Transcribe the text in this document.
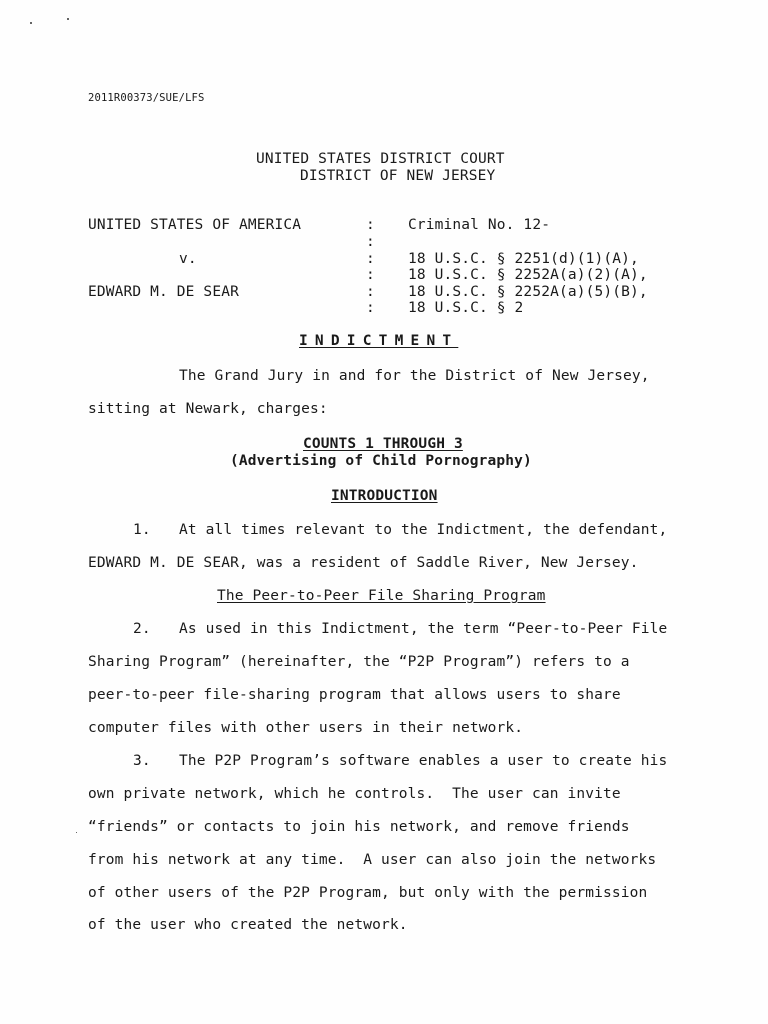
2011R00373/SUE/LFS
UNITED STATES DISTRICT COURT
DISTRICT OF NEW JERSEY
UNITED STATES OF AMERICA
v.
EDWARD M. DE SEAR
:
:
:
:
:
:
Criminal No. 12-
18 U.S.C. § 2251(d)(1)(A),
18 U.S.C. § 2252A(a)(2)(A),
18 U.S.C. § 2252A(a)(5)(B),
18 U.S.C. § 2
INDICTMENT
The Grand Jury in and for the District of New Jersey,
sitting at Newark, charges:
COUNTS 1 THROUGH 3
(Advertising of Child Pornography)
INTRODUCTION
1. At all times relevant to the Indictment, the defendant,
EDWARD M. DE SEAR, was a resident of Saddle River, New Jersey.
The Peer-to-Peer File Sharing Program
2. As used in this Indictment, the term “Peer-to-Peer File
Sharing Program” (hereinafter, the “P2P Program”) refers to a
peer-to-peer file-sharing program that allows users to share
computer files with other users in their network.
3. The P2P Program’s software enables a user to create his
own private network, which he controls.  The user can invite
“friends” or contacts to join his network, and remove friends
from his network at any time.  A user can also join the networks
of other users of the P2P Program, but only with the permission
of the user who created the network.
